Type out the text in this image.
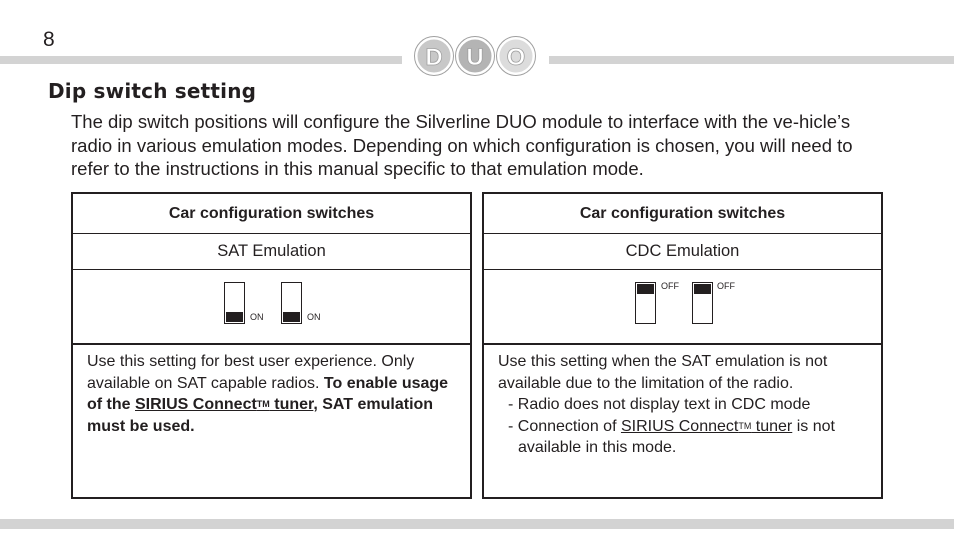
8
D U O
Dip switch setting

The dip switch positions will configure the Silverline DUO module to interface with the ve-hicle’s radio in various emulation modes. Depending on which configuration is chosen, you will need to refer to the instructions in this manual specific to that emulation mode.

Car configuration switches
SAT Emulation
ON	ON
Use this setting for best user experience. Only available on SAT capable radios. To enable usage of the SIRIUS ConnectTM tuner, SAT emulation must be used.
Car configuration switches
CDC Emulation
OFF	OFF
Use this setting when the SAT emulation is not available due to the limitation of the radio.
- Radio does not display text in CDC mode
- Connection of SIRIUS ConnectTM tuner is not
available in this mode.
